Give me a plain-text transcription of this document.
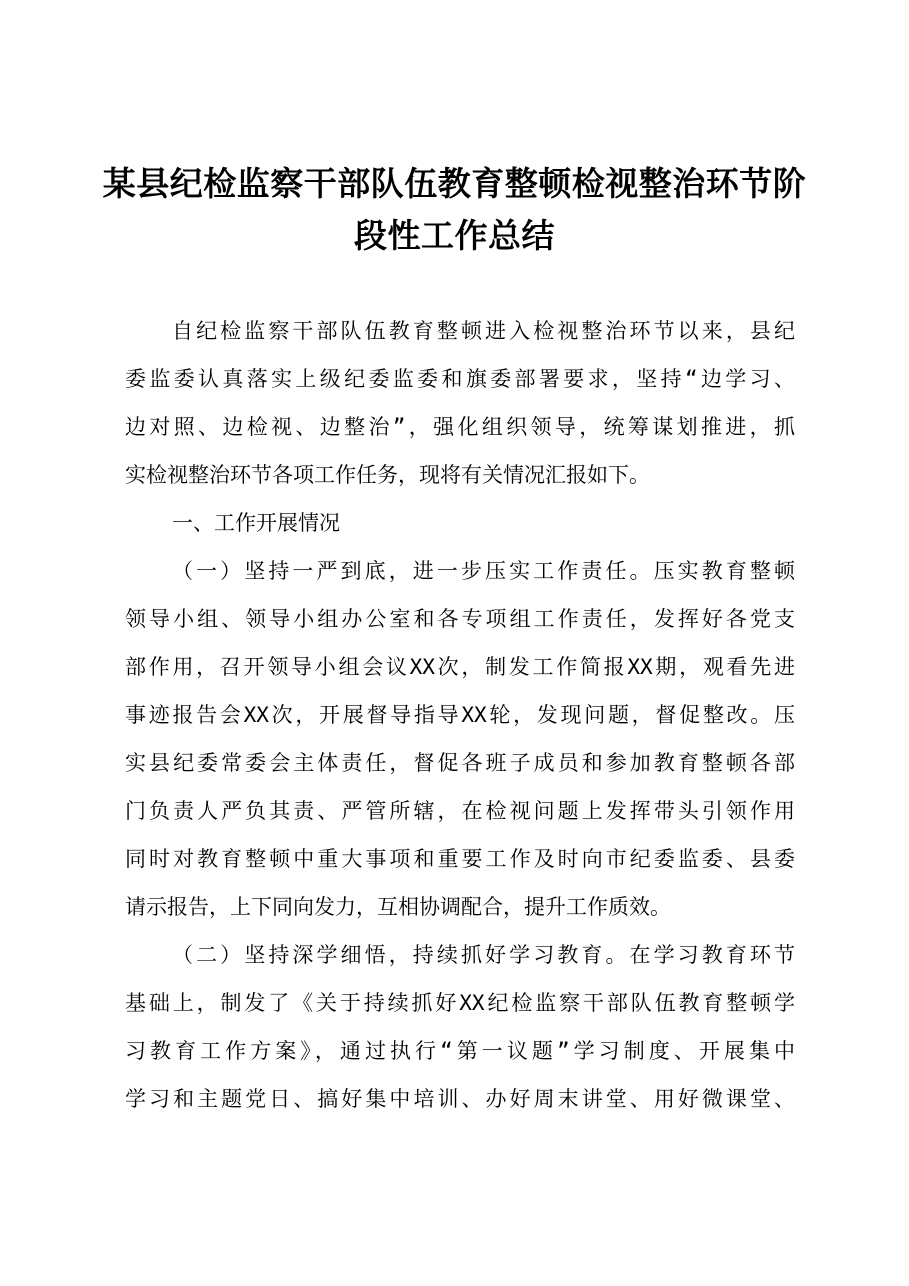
某县纪检监察干部队伍教育整顿检视整治环节阶
段性工作总结
自纪检监察干部队伍教育整顿进入检视整治环节以来，县纪
委监委认真落实上级纪委监委和旗委部署要求，坚持“边学习、
边对照、边检视、边整治”，强化组织领导，统筹谋划推进，抓
实检视整治环节各项工作任务，现将有关情况汇报如下。
一、工作开展情况
（一）坚持一严到底，进一步压实工作责任。压实教育整顿
领导小组、领导小组办公室和各专项组工作责任，发挥好各党支
部作用，召开领导小组会议XX次，制发工作简报XX期，观看先进
事迹报告会XX次，开展督导指导XX轮，发现问题，督促整改。压
实县纪委常委会主体责任，督促各班子成员和参加教育整顿各部
门负责人严负其责、严管所辖，在检视问题上发挥带头引领作用
同时对教育整顿中重大事项和重要工作及时向市纪委监委、县委
请示报告，上下同向发力，互相协调配合，提升工作质效。
（二）坚持深学细悟，持续抓好学习教育。在学习教育环节
基础上，制发了《关于持续抓好XX纪检监察干部队伍教育整顿学
习教育工作方案》，通过执行“第一议题”学习制度、开展集中
学习和主题党日、搞好集中培训、办好周末讲堂、用好微课堂、
